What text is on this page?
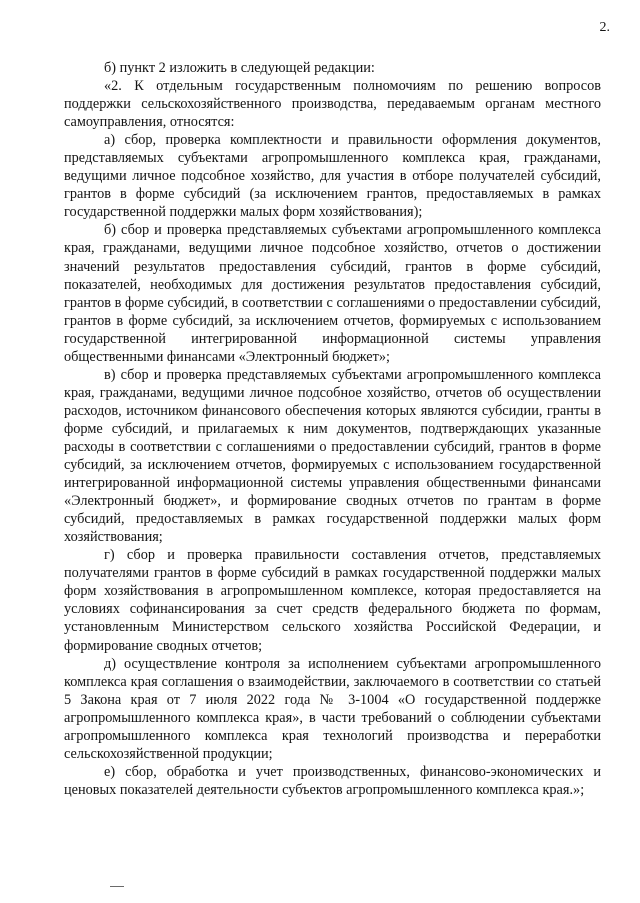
2.

б) пункт 2 изложить в следующей редакции:

«2. К отдельным государственным полномочиям по решению вопросов поддержки сельскохозяйственного производства, передаваемым органам местного самоуправления, относятся:

а) сбор, проверка комплектности и правильности оформления документов, представляемых субъектами агропромышленного комплекса края, гражданами, ведущими личное подсобное хозяйство, для участия в отборе получателей субсидий, грантов в форме субсидий (за исключением грантов, предоставляемых в рамках государственной поддержки малых форм хозяйствования);

б) сбор и проверка представляемых субъектами агропромышленного комплекса края, гражданами, ведущими личное подсобное хозяйство, отчетов о достижении значений результатов предоставления субсидий, грантов в форме субсидий, показателей, необходимых для достижения результатов предоставления субсидий, грантов в форме субсидий, в соответствии с соглашениями о предоставлении субсидий, грантов в форме субсидий, за исключением отчетов, формируемых с использованием государственной интегрированной информационной системы управления общественными финансами «Электронный бюджет»;

в) сбор и проверка представляемых субъектами агропромышленного комплекса края, гражданами, ведущими личное подсобное хозяйство, отчетов об осуществлении расходов, источником финансового обеспечения которых являются субсидии, гранты в форме субсидий, и прилагаемых к ним документов, подтверждающих указанные расходы в соответствии с соглашениями о предоставлении субсидий, грантов в форме субсидий, за исключением отчетов, формируемых с использованием государственной интегрированной информационной системы управления общественными финансами «Электронный бюджет», и формирование сводных отчетов по грантам в форме субсидий, предоставляемых в рамках государственной поддержки малых форм хозяйствования;

г) сбор и проверка правильности составления отчетов, представляемых получателями грантов в форме субсидий в рамках государственной поддержки малых форм хозяйствования в агропромышленном комплексе, которая предоставляется на условиях софинансирования за счет средств федерального бюджета по формам, установленным Министерством сельского хозяйства Российской Федерации, и формирование сводных отчетов;

д) осуществление контроля за исполнением субъектами агропромышленного комплекса края соглашения о взаимодействии, заключаемого в соответствии со статьей 5 Закона края от 7 июля 2022 года № 3-1004 «О государственной поддержке агропромышленного комплекса края», в части требований о соблюдении субъектами агропромышленного комплекса края технологий производства и переработки сельскохозяйственной продукции;

е) сбор, обработка и учет производственных, финансово-экономических и ценовых показателей деятельности субъектов агропромышленного комплекса края.»;
